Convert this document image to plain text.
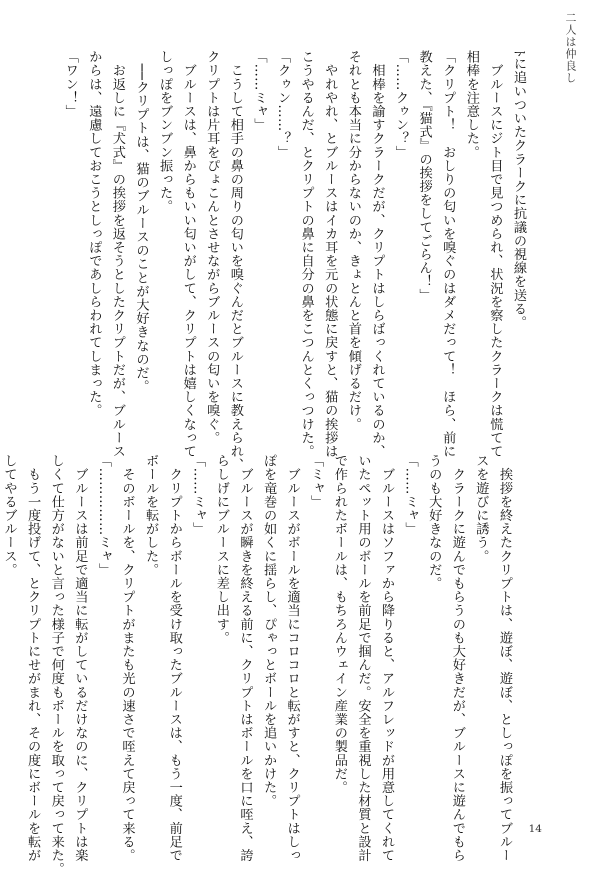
二人は仲良し
ﾄに追いついたクラークに抗議の視線を送る。
　ブルースにジト目で見つめられ、状況を察したクラークは慌てて
相棒を注意した。
「クリプト！　おしりの匂いを嗅ぐのはダメだって！　ほら、前に
教えた、『猫式』の挨拶をしてごらん！」
「……クゥン？」
　相棒を諭すクラークだが、クリプトはしらばっくれているのか、
それとも本当に分からないのか、きょとんと首を傾げるだけ。
　やれやれ、とブルースはイカ耳を元の状態に戻すと、猫の挨拶は
こうやるんだ、とクリプトの鼻に自分の鼻をこつんとくっつけた。
「クゥン……？」
「……ミャ」
　こうして相手の鼻の周りの匂いを嗅ぐんだとブルースに教えられ、
クリプトは片耳をぴょこんとさせながらブルースの匂いを嗅ぐ。
　ブルースは、鼻からもいい匂いがして、クリプトは嬉しくなって
しっぽをブンブン振った。
　──クリプトは、猫のブルースのことが大好きなのだ。
　お返しに『犬式』の挨拶を返そうとしたクリプトだが、ブルース
からは、遠慮しておこうとしっぽであしらわれてしまった。
「ワン！」
　挨拶を終えたクリプトは、遊ぼ、遊ぼ、としっぽを振ってブルー
スを遊びに誘う。
　クラークに遊んでもらうのも大好きだが、ブルースに遊んでもら
うのも大好きなのだ。
「……ミャ」
　ブルースはソファから降りると、アルフレッドが用意してくれて
いたペット用のボールを前足で掴んだ。安全を重視した材質と設計
で作られたボールは、もちろんウェイン産業の製品だ。
「ミャ」
　ブルースがボールを適当にコロコロと転がすと、クリプトはしっ
ぽを竜巻の如くに揺らし、ぴゃっとボールを追いかけた。
　ブルースが瞬きを終える前に、クリプトはボールを口に咥え、誇
らしげにブルースに差し出す。
「……ミャ」
　クリプトからボールを受け取ったブルースは、もう一度、前足で
ボールを転がした。
　そのボールを、クリプトがまたも光の速さで咥えて戻って来る。
「……………ミャ」
　ブルースは前足で適当に転がしているだけなのに、クリプトは楽
しくて仕方がないと言った様子で何度もボールを取って戻って来た。
　もう一度投げて、とクリプトにせがまれ、その度にボールを転が
してやるブルース。
14
